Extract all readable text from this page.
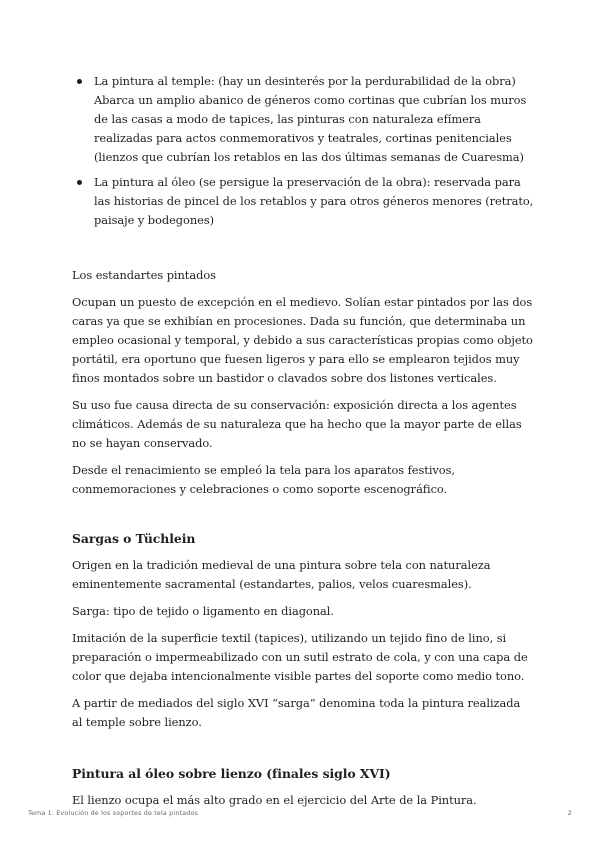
La pintura al temple: (hay un desinterés por la perdurabilidad de la obra) Abarca un amplio abanico de géneros como cortinas que cubrían los muros de las casas a modo de tapices, las pinturas con naturaleza efímera realizadas para actos conmemorativos y teatrales, cortinas penitenciales (lienzos que cubrían los retablos en las dos últimas semanas de Cuaresma)
La pintura al óleo (se persigue la preservación de la obra): reservada para las historias de pincel de los retablos y para otros géneros menores (retrato, paisaje y bodegones)

Los estandartes pintados

Ocupan un puesto de excepción en el medievo. Solían estar pintados por las dos caras ya que se exhibían en procesiones. Dada su función, que determinaba un empleo ocasional y temporal, y debido a sus características propias como objeto portátil, era oportuno que fuesen ligeros y para ello se emplearon tejidos muy finos montados sobre un bastidor o clavados sobre dos listones verticales.

Su uso fue causa directa de su conservación: exposición directa a los agentes climáticos. Además de su naturaleza que ha hecho que la mayor parte de ellas no se hayan conservado.

Desde el renacimiento se empleó la tela para los aparatos festivos, conmemoraciones y celebraciones o como soporte escenográfico.

Sargas o Tüchlein

Origen en la tradición medieval de una pintura sobre tela con naturaleza eminentemente sacramental (estandartes, palios, velos cuaresmales).

Sarga: tipo de tejido o ligamento en diagonal.

Imitación de la superficie textil (tapices), utilizando un tejido fino de lino, si preparación o impermeabilizado con un sutil estrato de cola, y con una capa de color que dejaba intencionalmente visible partes del soporte como medio tono.

A partir de mediados del siglo XVI “sarga” denomina toda la pintura realizada al temple sobre lienzo.

Pintura al óleo sobre lienzo (finales siglo XVI)

El lienzo ocupa el más alto grado en el ejercicio del Arte de la Pintura.

Tema 1. Evolución de los soportes de tela pintados	2
